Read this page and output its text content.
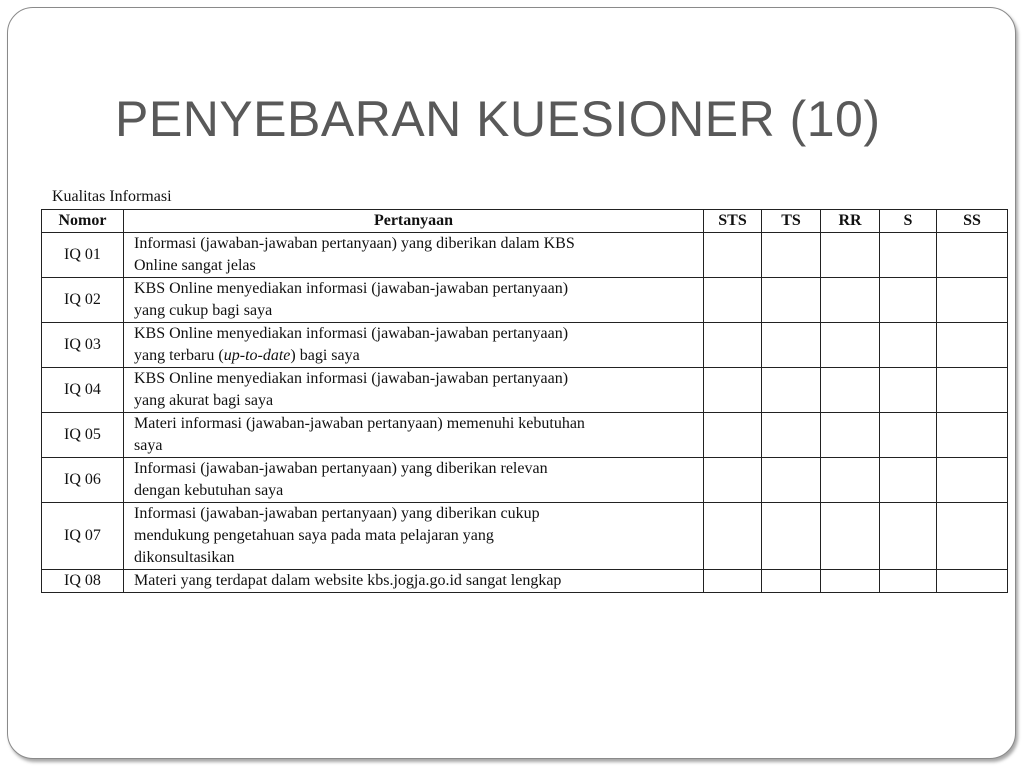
PENYEBARAN KUESIONER (10)
Kualitas Informasi
Nomor	Pertanyaan	STS	TS	RR	S	SS
IQ 01	Informasi (jawaban-jawaban pertanyaan) yang diberikan dalam KBS
Online sangat jelas					
IQ 02	KBS Online menyediakan informasi (jawaban-jawaban pertanyaan)
yang cukup bagi saya					
IQ 03	KBS Online menyediakan informasi (jawaban-jawaban pertanyaan)
yang terbaru (up-to-date) bagi saya					
IQ 04	KBS Online menyediakan informasi (jawaban-jawaban pertanyaan)
yang akurat bagi saya					
IQ 05	Materi informasi (jawaban-jawaban pertanyaan) memenuhi kebutuhan
saya					
IQ 06	Informasi (jawaban-jawaban pertanyaan) yang diberikan relevan
dengan kebutuhan saya					
IQ 07	Informasi (jawaban-jawaban pertanyaan) yang diberikan cukup
mendukung pengetahuan saya pada mata pelajaran yang
dikonsultasikan					
IQ 08	Materi yang terdapat dalam website kbs.jogja.go.id sangat lengkap					
